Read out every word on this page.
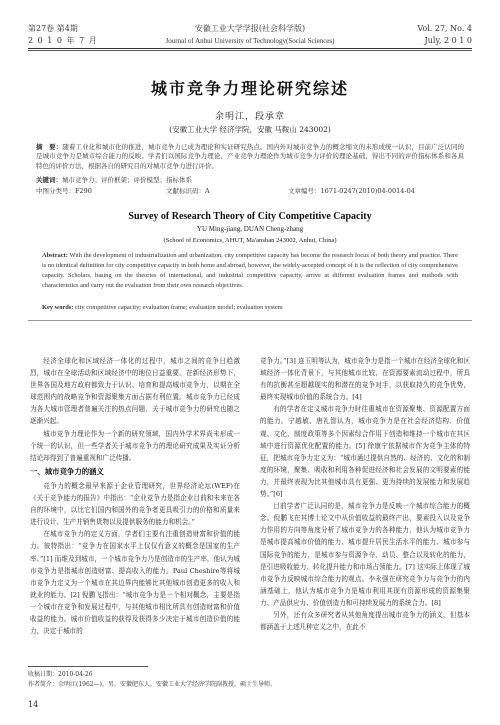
第27卷 第4期
2 0 1 0 年 7 月
安徽工业大学学报(社会科学版)
Journal of Anhui University of Technology(Social Sciences)
Vol. 27, No. 4
July, 2 0 1 0
城市竞争力理论研究综述
余明江，段承章
(安徽工业大学 经济学院，安徽 马鞍山 243002)
摘　要：随着工业化和城市化的推进，城市竞争力已成为理论和实证研究热点。国内外对城市竞争力的概念缩文的未形成统一认识，目前广泛认同的是城市竞争力是城市综合能力的反映。学者们以国际竞争力理论、产业竞争力理论作为城市竞争力评价的理论基础，得出不同的评价指标体系和各具特色的评价方法，根据各自的研究目的对城市竞争力进行评价。
关键词：城市竞争力；评价框架；评价模型；指标体系
中图分类号：F290	文献标识码：A	文章编号：1671-0247(2010)04-0014-04
Survey of Research Theory of City Competitive Capacity
YU Ming-jiang, DUAN Cheng-zhang
(School of Economics, AHUT, Ma'anshan 243002, Anhui, China)
Abstract: With the development of industrialization and urbanization, city competitive capacity has become the research focus of both theory and practice. There is no identical definition for city competitive capacity in both home and abroad, however, the widely-accepted concept of it is the reflection of city comprehensive capacity. Scholars, basing on the theories of international, and industrial competitive capacity, arrive at different evaluation frames and methods with characteristics and carry out the evaluation from their own research objectives.
Key words: city competitive capacity; evaluation frame; evaluation model; evaluation system

经济全球化和区域经济一体化的过程中，城市之间的竞争日趋激烈，城市在全球活动和区域经济中的地位日益重要。在新经济形势下，世界各国及地方政府都致力于认识、培育和提高城市竞争力，以期在全球范围内的战略竞争和资源聚集方面占据有利位置。城市竞争力已经成为各大城市管理者普遍关注的热点问题，关于城市竞争力的研究也随之逐渐兴起。

城市竞争力理论作为一个新的研究领域，国内外学术界尚未形成一个统一的认识，但一些学者关于城市竞争力的理论研究成果及实证分析结论却得到了普遍重视和广泛传播。

一、城市竞争力的涵义

竞争力的概念最早来源于企业管理研究，世界经济论坛(WEF)在《关于竞争能力的报告》中指出：“企业竞争力是指企业目前和未来在各自的环境中，以比它们国内和国外的竞争者更具吸引力的价格和质量来进行设计、生产并销售货物以及提供服务的能力和机会。”

在城市竞争力的定义方面，学者们主要有注重创造财富和价值的能力。彼特指出：“竞争力在国家水平上仅仅有意义的概念是国家的生产率。”[1] 而维及到城市，一个城市竞争力乃是创造市的生产率，他认为城市竞争力是指城市创造财富、提高收入的能力。Paul Cheshire等将城市竞争力定义为一个城市在其边界内能够比其他城市创造更多的收入和就业的能力。[2] 倪鹏飞指出：“城市竞争力是一个相对概念，主要是指一个城市在竞争和发展过程中，与其他城市相比所具有创造财富和价值收益的能力。城市价值收益的获得及获得多少决定于城市创造价值的能力，决定于城市的

竞争力。”[3] 连玉明等认为，城市竞争力是指一个城市在经济全球化和区域经济一体化背景下，与其他城市比较，在资源要素流动过程中，所具有的抗衡甚至超越现实的和潜在的竞争对手，以获取持久的竞争优势，最终实现城市价值的系统合力。[4]

有的学者在定义城市竞争力时往重城市在资源聚集、资源配置方面的能力。宁越敏、唐礼智认为，城市竞争力是在社会经济结构、价值观、文化、制度政策等多个因素综合作用下创造和维持一个城市在其区域中进行资源优化配置的能力。[5] 徐康宁依据城市作为竞争主体的特征，把城市竞争力定义为：“城市通过提供自然的、经济的、文化的和制度的环境，聚集、吸收和利用各种促进经济和社会发展的文明要素的能力，并最终表现为比其他城市具有更强、更为持续的发展能力和发展趋势。”[6]

目前学者广泛认同的是，城市竞争力是反映一个城市综合能力的概念。倪鹏飞在其博士论文中从价值收益的最终产出，要素投入以及竞争力作用的方向等角度分析了城市竞争力的各种能力，他认为城市竞争力是城市提高城市价值的能力、城市提升居民生活水平的能力、城市参与国际竞争的能力，是城市参与资源争夺、动员、整合以及转化的能力，是引进吸收能力、转化提升能力和市场占领能力。[7] 这实际上体现了城市竞争力反映城市综合能力的观点。李永强在研究竞争力与竞争力的内涵基础上，他认为城市竞争力是城市利用其现有资源形成的资源集聚力、产品供应力、价值创造力和可持续发展力的系统合力。[8]

另外，还有众多研究者从其他角度提出城市竞争力的涵义，但基本都涵盖于上述几种定义之中，在此不

收稿日期：2010-04-26
作者简介：余明江(1962—)，男，安徽肥东人，安徽工业大学经济学院副教授，硕士生导师。
14
